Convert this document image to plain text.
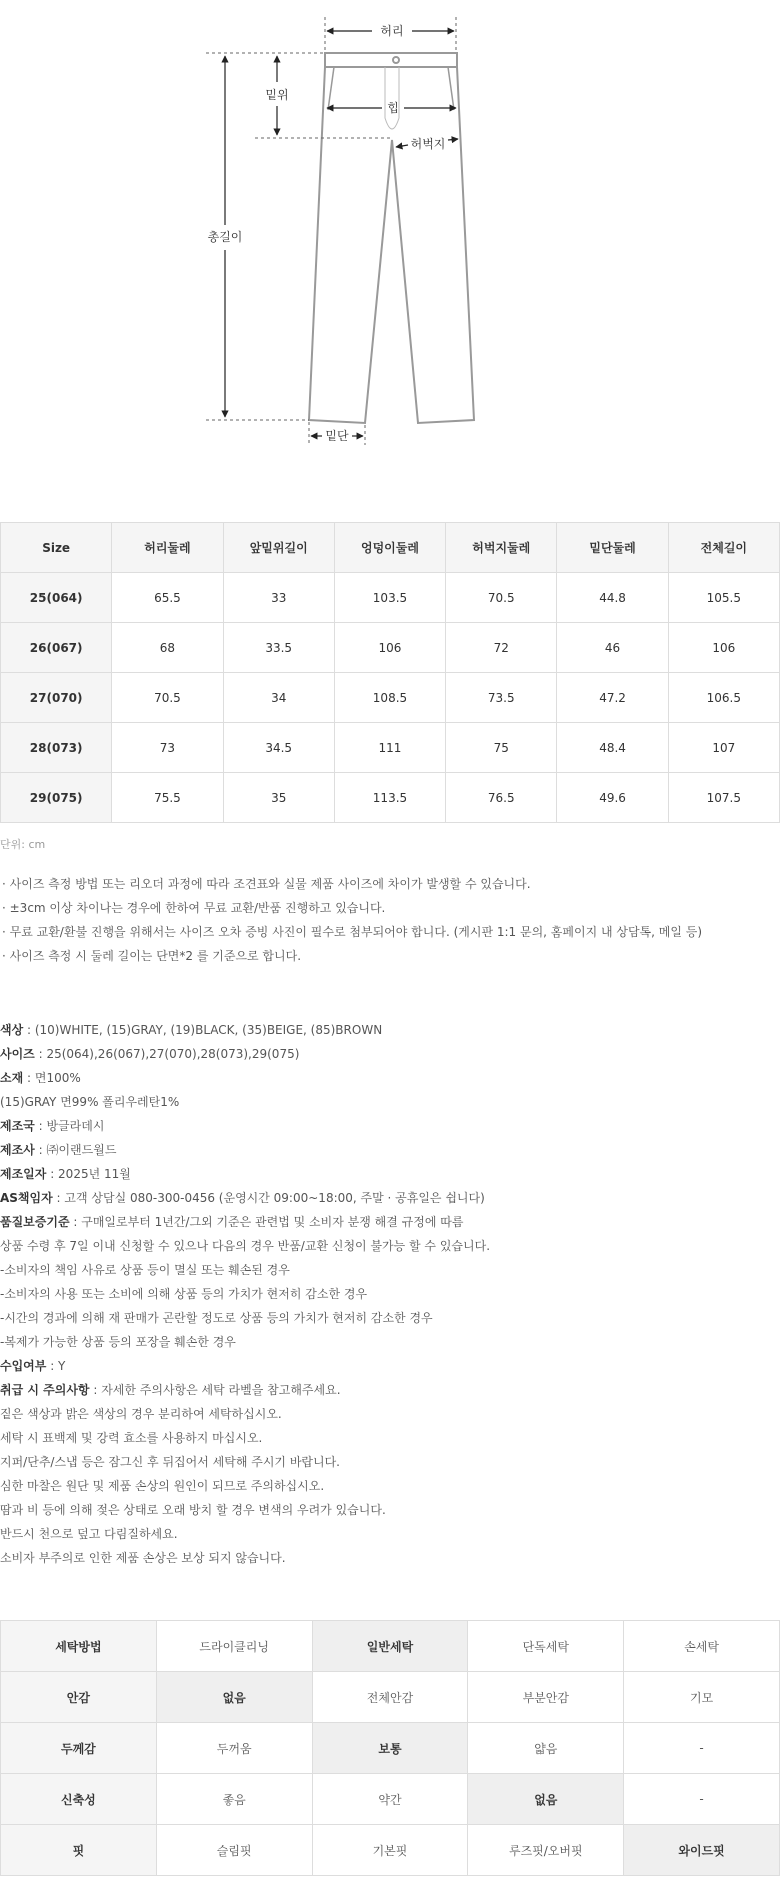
허리
밑위
힙
허벅지
총길이
밑단
Size	허리둘레	앞밑위길이	엉덩이둘레	허벅지둘레	밑단둘레	전체길이
25(064)	65.5	33	103.5	70.5	44.8	105.5
26(067)	68	33.5	106	72	46	106
27(070)	70.5	34	108.5	73.5	47.2	106.5
28(073)	73	34.5	111	75	48.4	107
29(075)	75.5	35	113.5	76.5	49.6	107.5
단위: cm
· 사이즈 측정 방법 또는 리오더 과정에 따라 조견표와 실물 제품 사이즈에 차이가 발생할 수 있습니다.
· ±3cm 이상 차이나는 경우에 한하여 무료 교환/반품 진행하고 있습니다.
· 무료 교환/환불 진행을 위해서는 사이즈 오차 증빙 사진이 필수로 첨부되어야 합니다. (게시판 1:1 문의, 홈페이지 내 상담톡, 메일 등)
· 사이즈 측정 시 둘레 길이는 단면*2 를 기준으로 합니다.
색상 : (10)WHITE, (15)GRAY, (19)BLACK, (35)BEIGE, (85)BROWN
사이즈 : 25(064),26(067),27(070),28(073),29(075)
소재 : 면100%
(15)GRAY 면99% 폴리우레탄1%
제조국 : 방글라데시
제조사 : ㈜이랜드월드
제조일자 : 2025년 11월
AS책임자 : 고객 상담실 080-300-0456 (운영시간 09:00~18:00, 주말 · 공휴일은 쉽니다)
품질보증기준 : 구매일로부터 1년간/그외 기준은 관련법 및 소비자 분쟁 해결 규정에 따름
상품 수령 후 7일 이내 신청할 수 있으나 다음의 경우 반품/교환 신청이 불가능 할 수 있습니다.
-소비자의 책임 사유로 상품 등이 멸실 또는 훼손된 경우
-소비자의 사용 또는 소비에 의해 상품 등의 가치가 현저히 감소한 경우
-시간의 경과에 의해 재 판매가 곤란할 정도로 상품 등의 가치가 현저히 감소한 경우
-복제가 가능한 상품 등의 포장을 훼손한 경우
수입여부 : Y
취급 시 주의사항 : 자세한 주의사항은 세탁 라벨을 참고해주세요.
짙은 색상과 밝은 색상의 경우 분리하여 세탁하십시오.
세탁 시 표백제 및 강력 효소를 사용하지 마십시오.
지퍼/단추/스냅 등은 잠그신 후 뒤집어서 세탁해 주시기 바랍니다.
심한 마찰은 원단 및 제품 손상의 원인이 되므로 주의하십시오.
땀과 비 등에 의해 젖은 상태로 오래 방치 할 경우 변색의 우려가 있습니다.
반드시 천으로 덮고 다림질하세요.
소비자 부주의로 인한 제품 손상은 보상 되지 않습니다.
세탁방법	드라이클리닝	일반세탁	단독세탁	손세탁
안감	없음	전체안감	부분안감	기모
두께감	두꺼움	보통	얇음	-
신축성	좋음	약간	없음	-
핏	슬림핏	기본핏	루즈핏/오버핏	와이드핏
